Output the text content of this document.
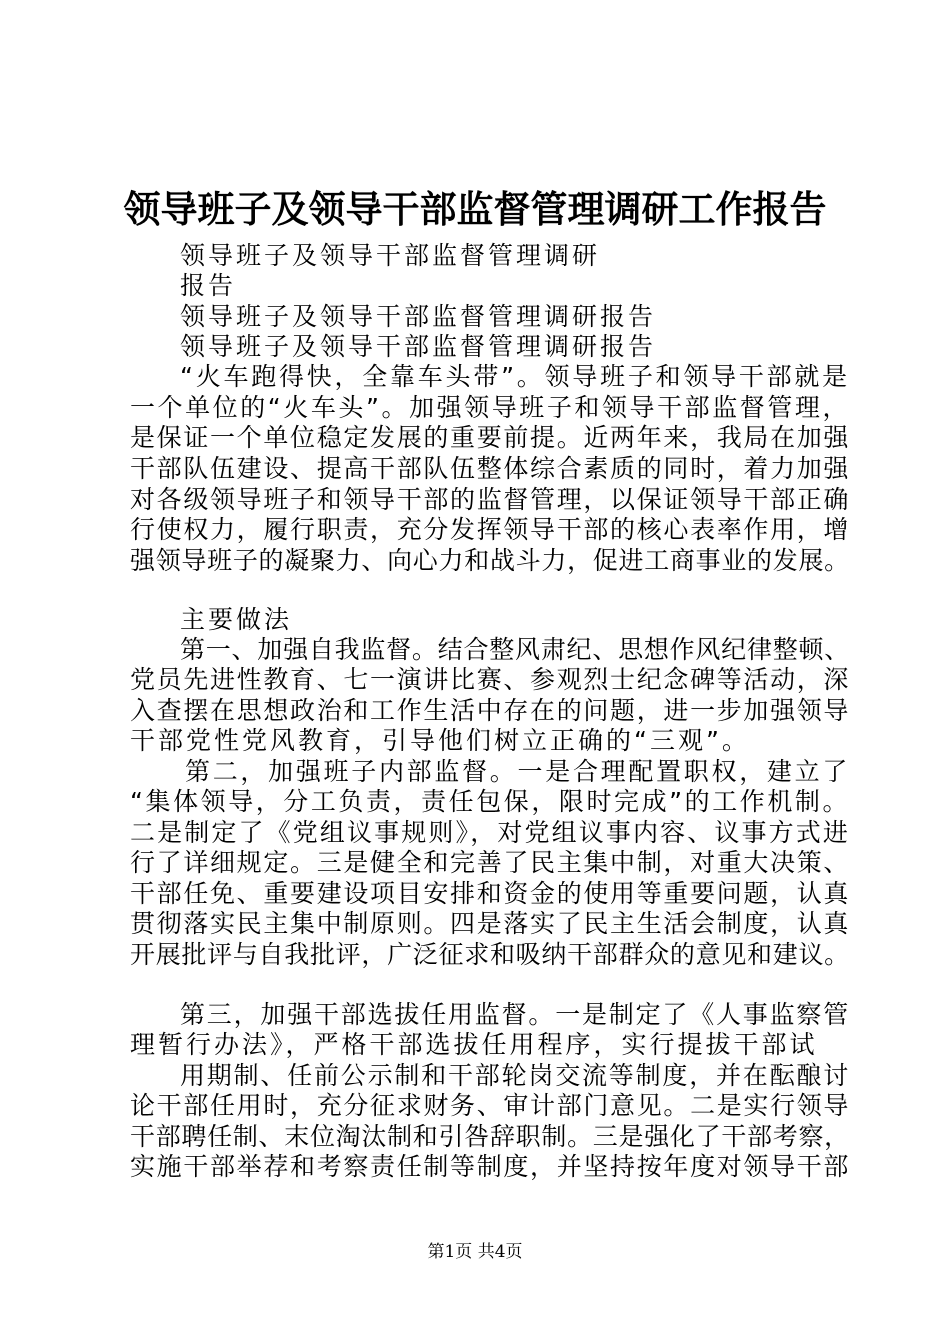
领导班子及领导干部监督管理调研工作报告

领导班子及领导干部监督管理调研

报告

领导班子及领导干部监督管理调研报告

领导班子及领导干部监督管理调研报告

“火车跑得快，全靠车头带”。领导班子和领导干部就是

一个单位的“火车头”。加强领导班子和领导干部监督管理，

是保证一个单位稳定发展的重要前提。近两年来，我局在加强

干部队伍建设、提高干部队伍整体综合素质的同时，着力加强

对各级领导班子和领导干部的监督管理，以保证领导干部正确

行使权力，履行职责，充分发挥领导干部的核心表率作用，增

强领导班子的凝聚力、向心力和战斗力，促进工商事业的发展。

主要做法

第一、加强自我监督。结合整风肃纪、思想作风纪律整顿、

党员先进性教育、七一演讲比赛、参观烈士纪念碑等活动，深

入查摆在思想政治和工作生活中存在的问题，进一步加强领导

干部党性党风教育，引导他们树立正确的“三观”。

第二，加强班子内部监督。一是合理配置职权，建立了

“集体领导，分工负责，责任包保，限时完成”的工作机制。

二是制定了《党组议事规则》，对党组议事内容、议事方式进

行了详细规定。三是健全和完善了民主集中制，对重大决策、

干部任免、重要建设项目安排和资金的使用等重要问题，认真

贯彻落实民主集中制原则。四是落实了民主生活会制度，认真

开展批评与自我批评，广泛征求和吸纳干部群众的意见和建议。

第三，加强干部选拔任用监督。一是制定了《人事监察管

理暂行办法》，严格干部选拔任用程序，实行提拔干部试

用期制、任前公示制和干部轮岗交流等制度，并在酝酿讨

论干部任用时，充分征求财务、审计部门意见。二是实行领导

干部聘任制、末位淘汰制和引咎辞职制。三是强化了干部考察，

实施干部举荐和考察责任制等制度，并坚持按年度对领导干部

第1页 共4页
